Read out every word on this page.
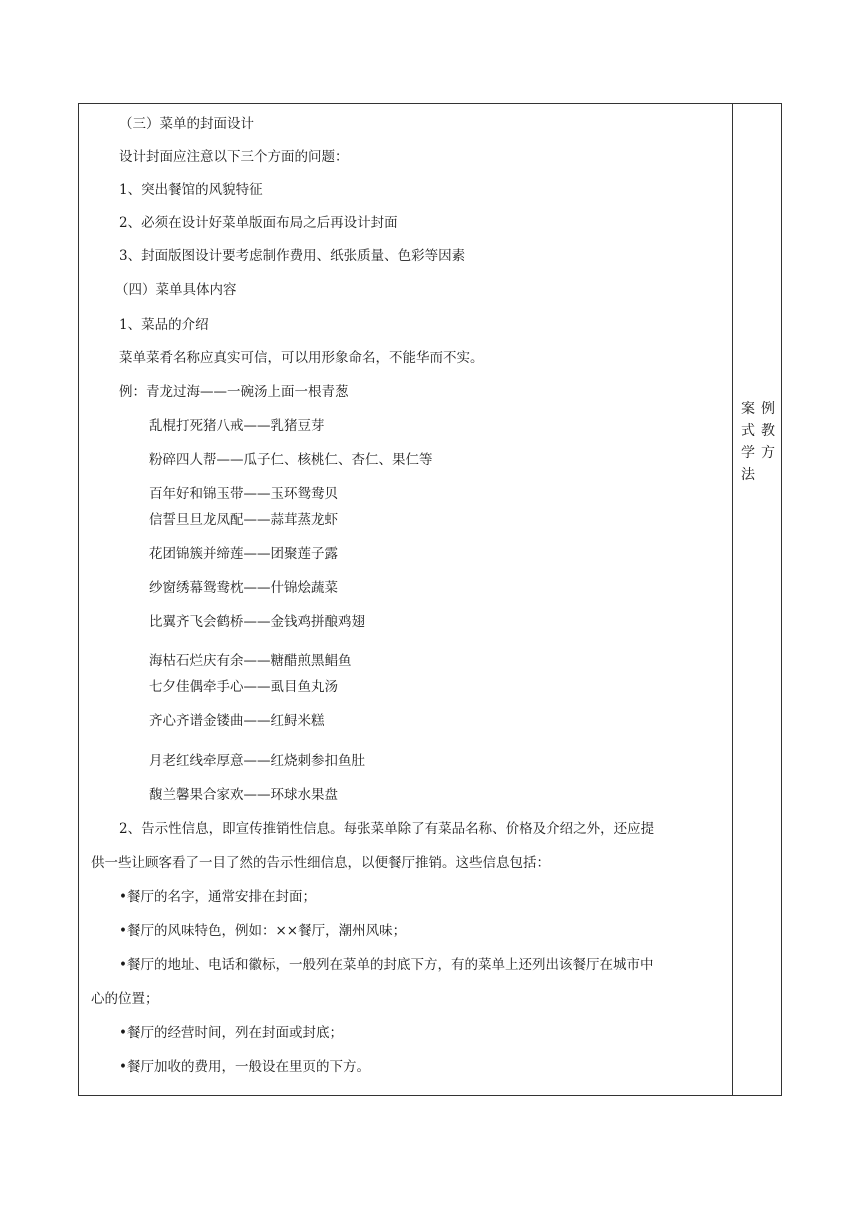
（三）菜单的封面设计
设计封面应注意以下三个方面的问题：
1、突出餐馆的风貌特征
2、必须在设计好菜单版面布局之后再设计封面
3、封面版图设计要考虑制作费用、纸张质量、色彩等因素
（四）菜单具体内容
1、菜品的介绍
菜单菜肴名称应真实可信，可以用形象命名，不能华而不实。
例：青龙过海——一碗汤上面一根青葱
乱棍打死猪八戒——乳猪豆芽
粉碎四人帮——瓜子仁、核桃仁、杏仁、果仁等
百年好和锦玉带——玉环鸳鸯贝
信誓旦旦龙凤配——蒜茸蒸龙虾
花团锦簇并缔莲——团聚莲子露
纱窗绣幕鸳鸯枕——什锦烩蔬菜
比翼齐飞会鹤桥——金钱鸡拼酿鸡翅
海枯石烂庆有余——糖醋煎黑鲳鱼
七夕佳偶牵手心——虱目鱼丸汤
齐心齐谱金镂曲——红鲟米糕
月老红线牵厚意——红烧刺参扣鱼肚
馥兰馨果合家欢——环球水果盘
2、告示性信息，即宣传推销性信息。每张菜单除了有菜品名称、价格及介绍之外，还应提
供一些让顾客看了一目了然的告示性细信息，以便餐厅推销。这些信息包括：
•餐厅的名字，通常安排在封面；
•餐厅的风味特色，例如：××餐厅，潮州风味；
•餐厅的地址、电话和徽标，一般列在菜单的封底下方，有的菜单上还列出该餐厅在城市中
心的位置；
•餐厅的经营时间，列在封面或封底；
•餐厅加收的费用，一般设在里页的下方。
案例
式教
学方
法
